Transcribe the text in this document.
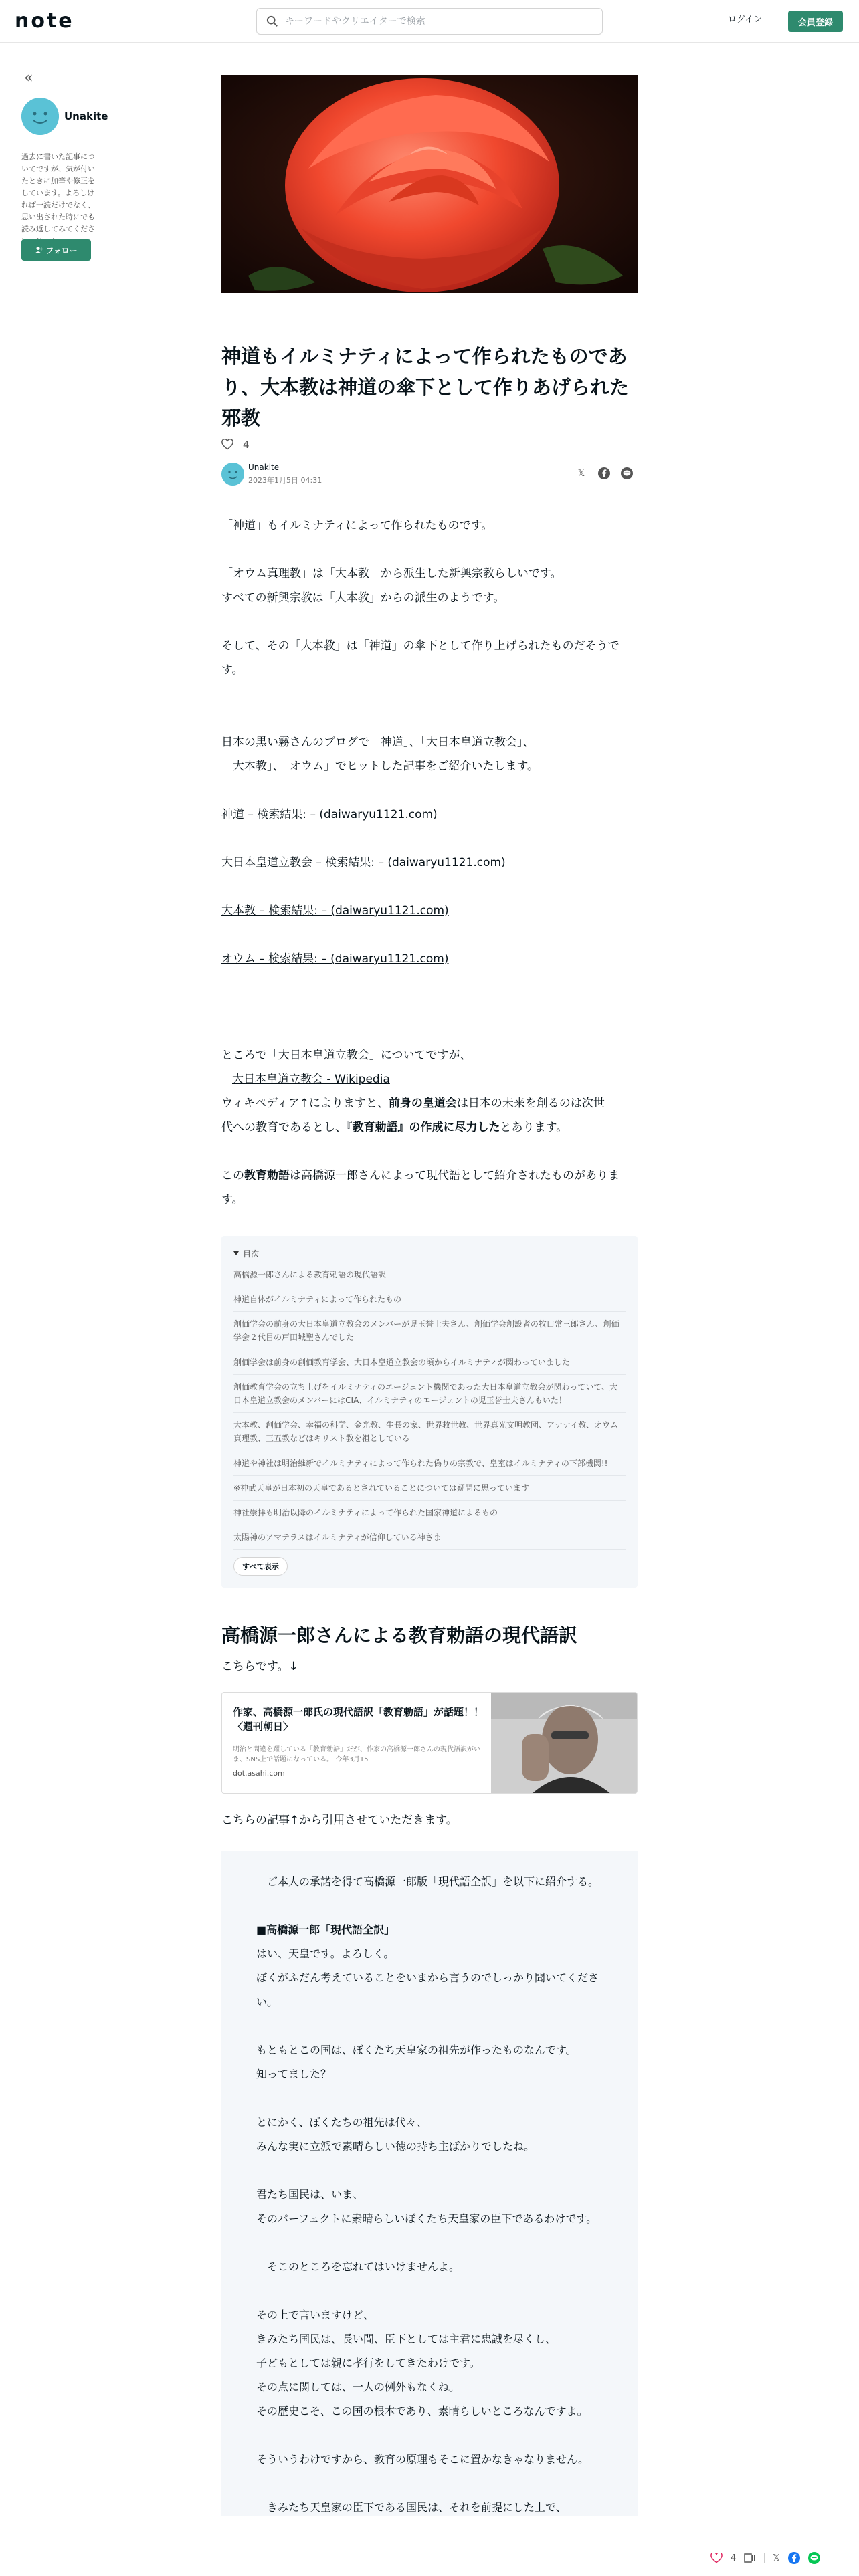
note
キーワードやクリエイターで検索	ログイン	会員登録
«
Unakite
過去に書いた記事についてですが、気が付いたときに加筆や修正をしています。よろしければ一読だけでなく、思い出された時にでも読み返してみてくださ
フォロー
神道もイルミナティによって作られたものであり、大本教は神道の傘下として作りあげられた邪教
4
Unakite
2023年1月5日 04:31
𝕏

「神道」もイルミナティによって作られたものです。

「オウム真理教」は「大本教」から派生した新興宗教らしいです。

すべての新興宗教は「大本教」からの派生のようです。

そして、その「大本教」は「神道」の傘下として作り上げられたものだそうです。

日本の黒い霧さんのブログで「神道」、「大日本皇道立教会」、

「大本教」、「オウム」でヒットした記事をご紹介いたします。

神道 – 検索結果: – (daiwaryu1121.com)

大日本皇道立教会 – 検索結果: – (daiwaryu1121.com)

大本教 – 検索結果: – (daiwaryu1121.com)

オウム – 検索結果: – (daiwaryu1121.com)

ところで「大日本皇道立教会」についてですが、

大日本皇道立教会 - Wikipedia

ウィキペディア↑によりますと、前身の皇道会は日本の未来を創るのは次世

代への教育であるとし、『教育勅語』の作成に尽力したとあります。

この教育勅語は高橋源一郎さんによって現代語として紹介されたものがあります。

目次
高橋源一郎さんによる教育勅語の現代語訳
神道自体がイルミナティによって作られたもの
創価学会の前身の大日本皇道立教会のメンバーが児玉誉士夫さん、創価学会創設者の牧口常三郎さん、創価学会２代目の戸田城聖さんでした
創価学会は前身の創価教育学会、大日本皇道立教会の頃からイルミナティが関わっていました
創価教育学会の立ち上げをイルミナティのエージェント機関であった大日本皇道立教会が関わっていて、大日本皇道立教会のメンバーにはCIA、イルミナティのエージェントの児玉誉士夫さんもいた！
大本教、創価学会、幸福の科学、金光教、生長の家、世界救世教、世界真光文明教団、アナナイ教、オウム真理教、三五教などはキリスト教を祖としている
神道や神社は明治維新でイルミナティによって作られた偽りの宗教で、皇室はイルミナティの下部機関!!
※神武天皇が日本初の天皇であるとされていることについては疑問に思っています
神社崇拝も明治以降のイルミナティによって作られた国家神道によるもの
太陽神のアマテラスはイルミナティが信仰している神さま
すべて表示
高橋源一郎さんによる教育勅語の現代語訳

こちらです。↓

作家、高橋源一郎氏の現代語訳「教育勅語」が話題！！〈週刊朝日〉
明治と間違を躍している「教育勅語」だが、作家の高橋源一郎さんの現代語訳がいま、SNS上で話題になっている。 今年3月15
dot.asahi.com

こちらの記事↑から引用させていただきます。

　ご本人の承諾を得て高橋源一郎版「現代語全訳」を以下に紹介する。

■高橋源一郎「現代語全訳」

はい、天皇です。よろしく。

ぼくがふだん考えていることをいまから言うのでしっかり聞いてください。

もともとこの国は、ぼくたち天皇家の祖先が作ったものなんです。

知ってました？

とにかく、ぼくたちの祖先は代々、

みんな実に立派で素晴らしい徳の持ち主ばかりでしたね。

君たち国民は、いま、

そのパーフェクトに素晴らしいぼくたち天皇家の臣下であるわけです。

　そこのところを忘れてはいけませんよ。

その上で言いますけど、

きみたち国民は、長い間、臣下としては主君に忠誠を尽くし、

子どもとしては親に孝行をしてきたわけです。

その点に関しては、一人の例外もなくね。

その歴史こそ、この国の根本であり、素晴らしいところなんですよ。

そういうわけですから、教育の原理もそこに置かなきゃなりません。

　きみたち天皇家の臣下である国民は、それを前提にした上で、

4	𝕏
